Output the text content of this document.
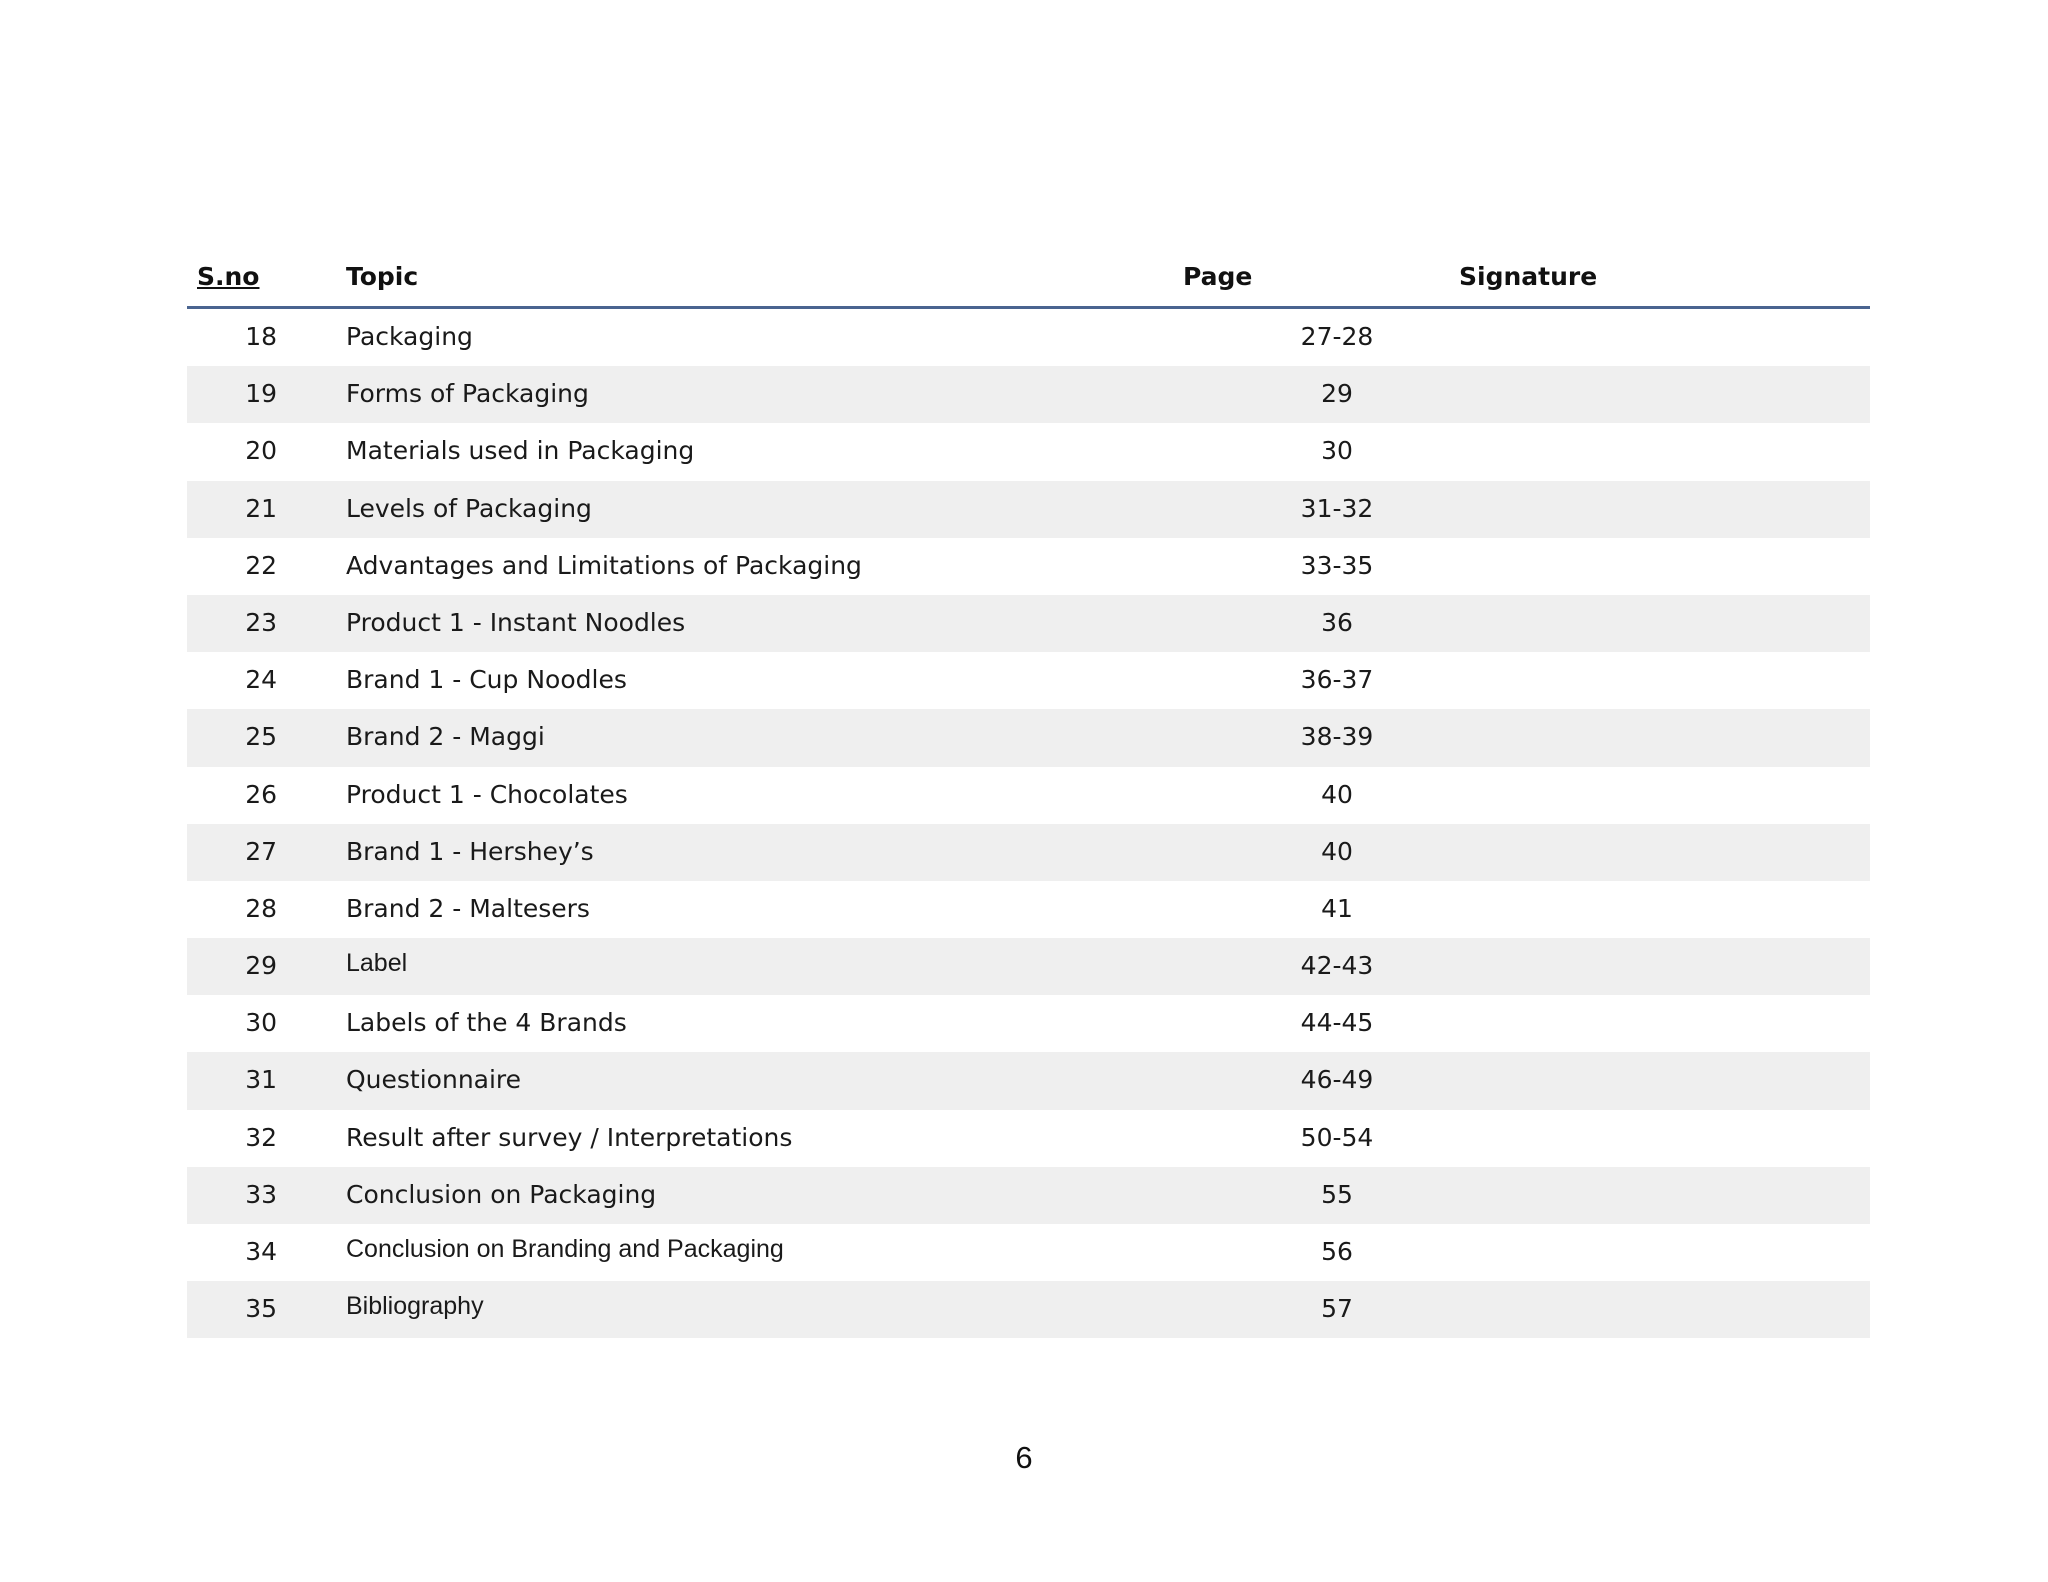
S.no	Topic	Page	Signature
18	Packaging	27-28
19	Forms of Packaging	29
20	Materials used in Packaging	30
21	Levels of Packaging	31-32
22	Advantages and Limitations of Packaging	33-35
23	Product 1 - Instant Noodles	36
24	Brand 1 - Cup Noodles	36-37
25	Brand 2 - Maggi	38-39
26	Product 1 - Chocolates	40
27	Brand 1 - Hershey’s	40
28	Brand 2 - Maltesers	41
29	Label	42-43
30	Labels of the 4 Brands	44-45
31	Questionnaire	46-49
32	Result after survey / Interpretations	50-54
33	Conclusion on Packaging	55
34	Conclusion on Branding and Packaging	56
35	Bibliography	57
6
